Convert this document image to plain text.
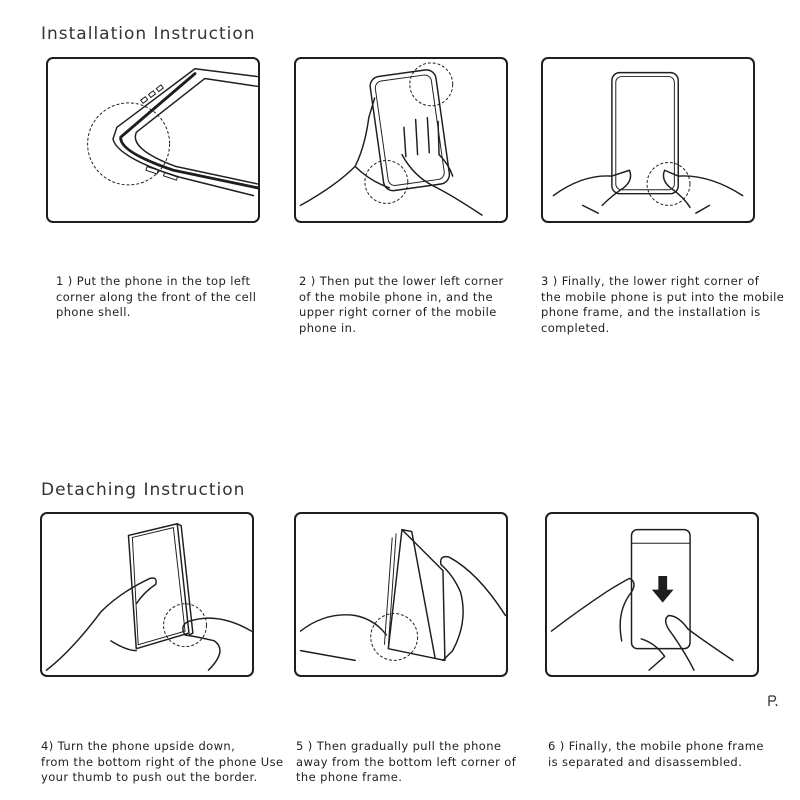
Installation Instruction
1 ) Put the phone in the top left
corner along the front of the cell
phone shell.
2 ) Then put the lower left corner
of the mobile phone in, and the
upper right corner of the mobile
phone in.
3 ) Finally, the lower right corner of
the mobile phone is put into the mobile
phone frame, and the installation is
completed.
Detaching Instruction
4) Turn the phone upside down,
from the bottom right of the phone Use
your thumb to push out the border.
5 ) Then gradually pull the phone
away from the bottom left corner of
the phone frame.
6 ) Finally, the mobile phone frame
is separated and disassembled.
